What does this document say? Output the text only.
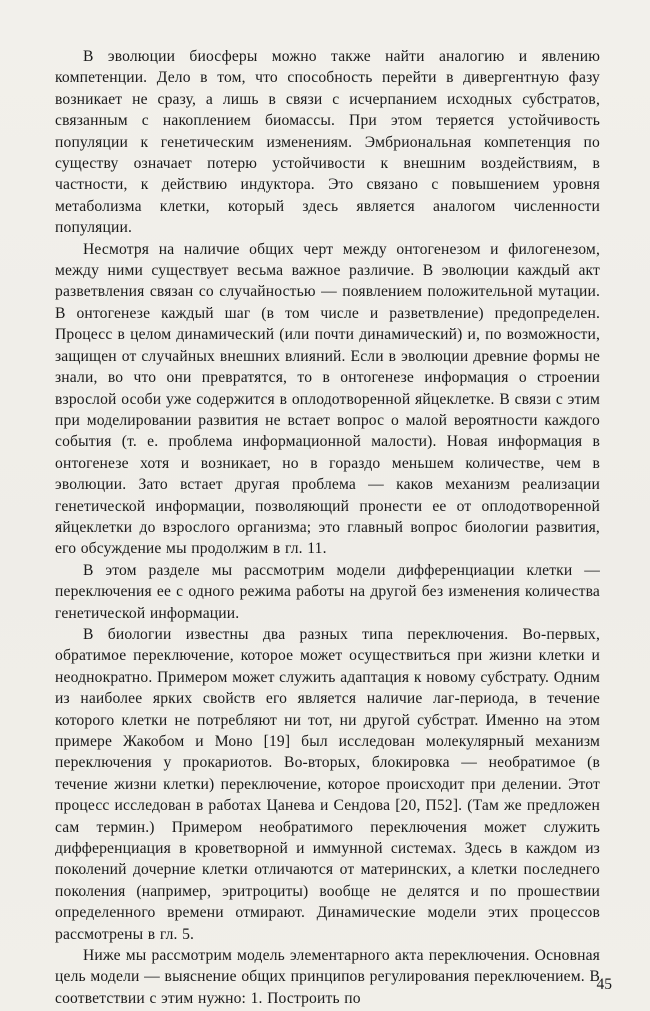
В эволюции биосферы можно также найти аналогию и явлению компетенции. Дело в том, что способность перейти в дивергентную фазу возникает не сразу, а лишь в связи с исчерпанием исходных субстратов, связанным с накоплением биомассы. При этом теряется устойчивость популяции к генетическим изменениям. Эмбриональная компетенция по существу означает потерю устойчивости к внешним воздействиям, в частности, к действию индуктора. Это связано с повышением уровня метаболизма клетки, который здесь является аналогом численности популяции.

Несмотря на наличие общих черт между онтогенезом и филогенезом, между ними существует весьма важное различие. В эволюции каждый акт разветвления связан со случайностью — появлением положительной мутации. В онтогенезе каждый шаг (в том числе и разветвление) предопределен. Процесс в целом динамический (или почти динамический) и, по возможности, защищен от случайных внешних влияний. Если в эволюции древние формы не знали, во что они превратятся, то в онтогенезе информация о строении взрослой особи уже содержится в оплодотворенной яйцеклетке. В связи с этим при моделировании развития не встает вопрос о малой вероятности каждого события (т. е. проблема информационной малости). Новая информация в онтогенезе хотя и возникает, но в гораздо меньшем количестве, чем в эволюции. Зато встает другая проблема — каков механизм реализации генетической информации, позволяющий пронести ее от оплодотворенной яйцеклетки до взрослого организма; это главный вопрос биологии развития, его обсуждение мы продолжим в гл. 11.

В этом разделе мы рассмотрим модели дифференциации клетки — переключения ее с одного режима работы на другой без изменения количества генетической информации.

В биологии известны два разных типа переключения. Во-первых, обратимое переключение, которое может осуществиться при жизни клетки и неоднократно. Примером может служить адаптация к новому субстрату. Одним из наиболее ярких свойств его является наличие лаг-периода, в течение которого клетки не потребляют ни тот, ни другой субстрат. Именно на этом примере Жакобом и Моно [19] был исследован молекулярный механизм переключения у прокариотов. Во-вторых, блокировка — необратимое (в течение жизни клетки) переключение, которое происходит при делении. Этот процесс исследован в работах Цанева и Сендова [20, П52]. (Там же предложен сам термин.) Примером необратимого переключения может служить дифференциация в кроветворной и иммунной системах. Здесь в каждом из поколений дочерние клетки отличаются от материнских, а клетки последнего поколения (например, эритроциты) вообще не делятся и по прошествии определенного времени отмирают. Динамические модели этих процессов рассмотрены в гл. 5.

Ниже мы рассмотрим модель элементарного акта переключения. Основная цель модели — выяснение общих принципов регулирования переключением. В соответствии с этим нужно: 1. Построить по

45
